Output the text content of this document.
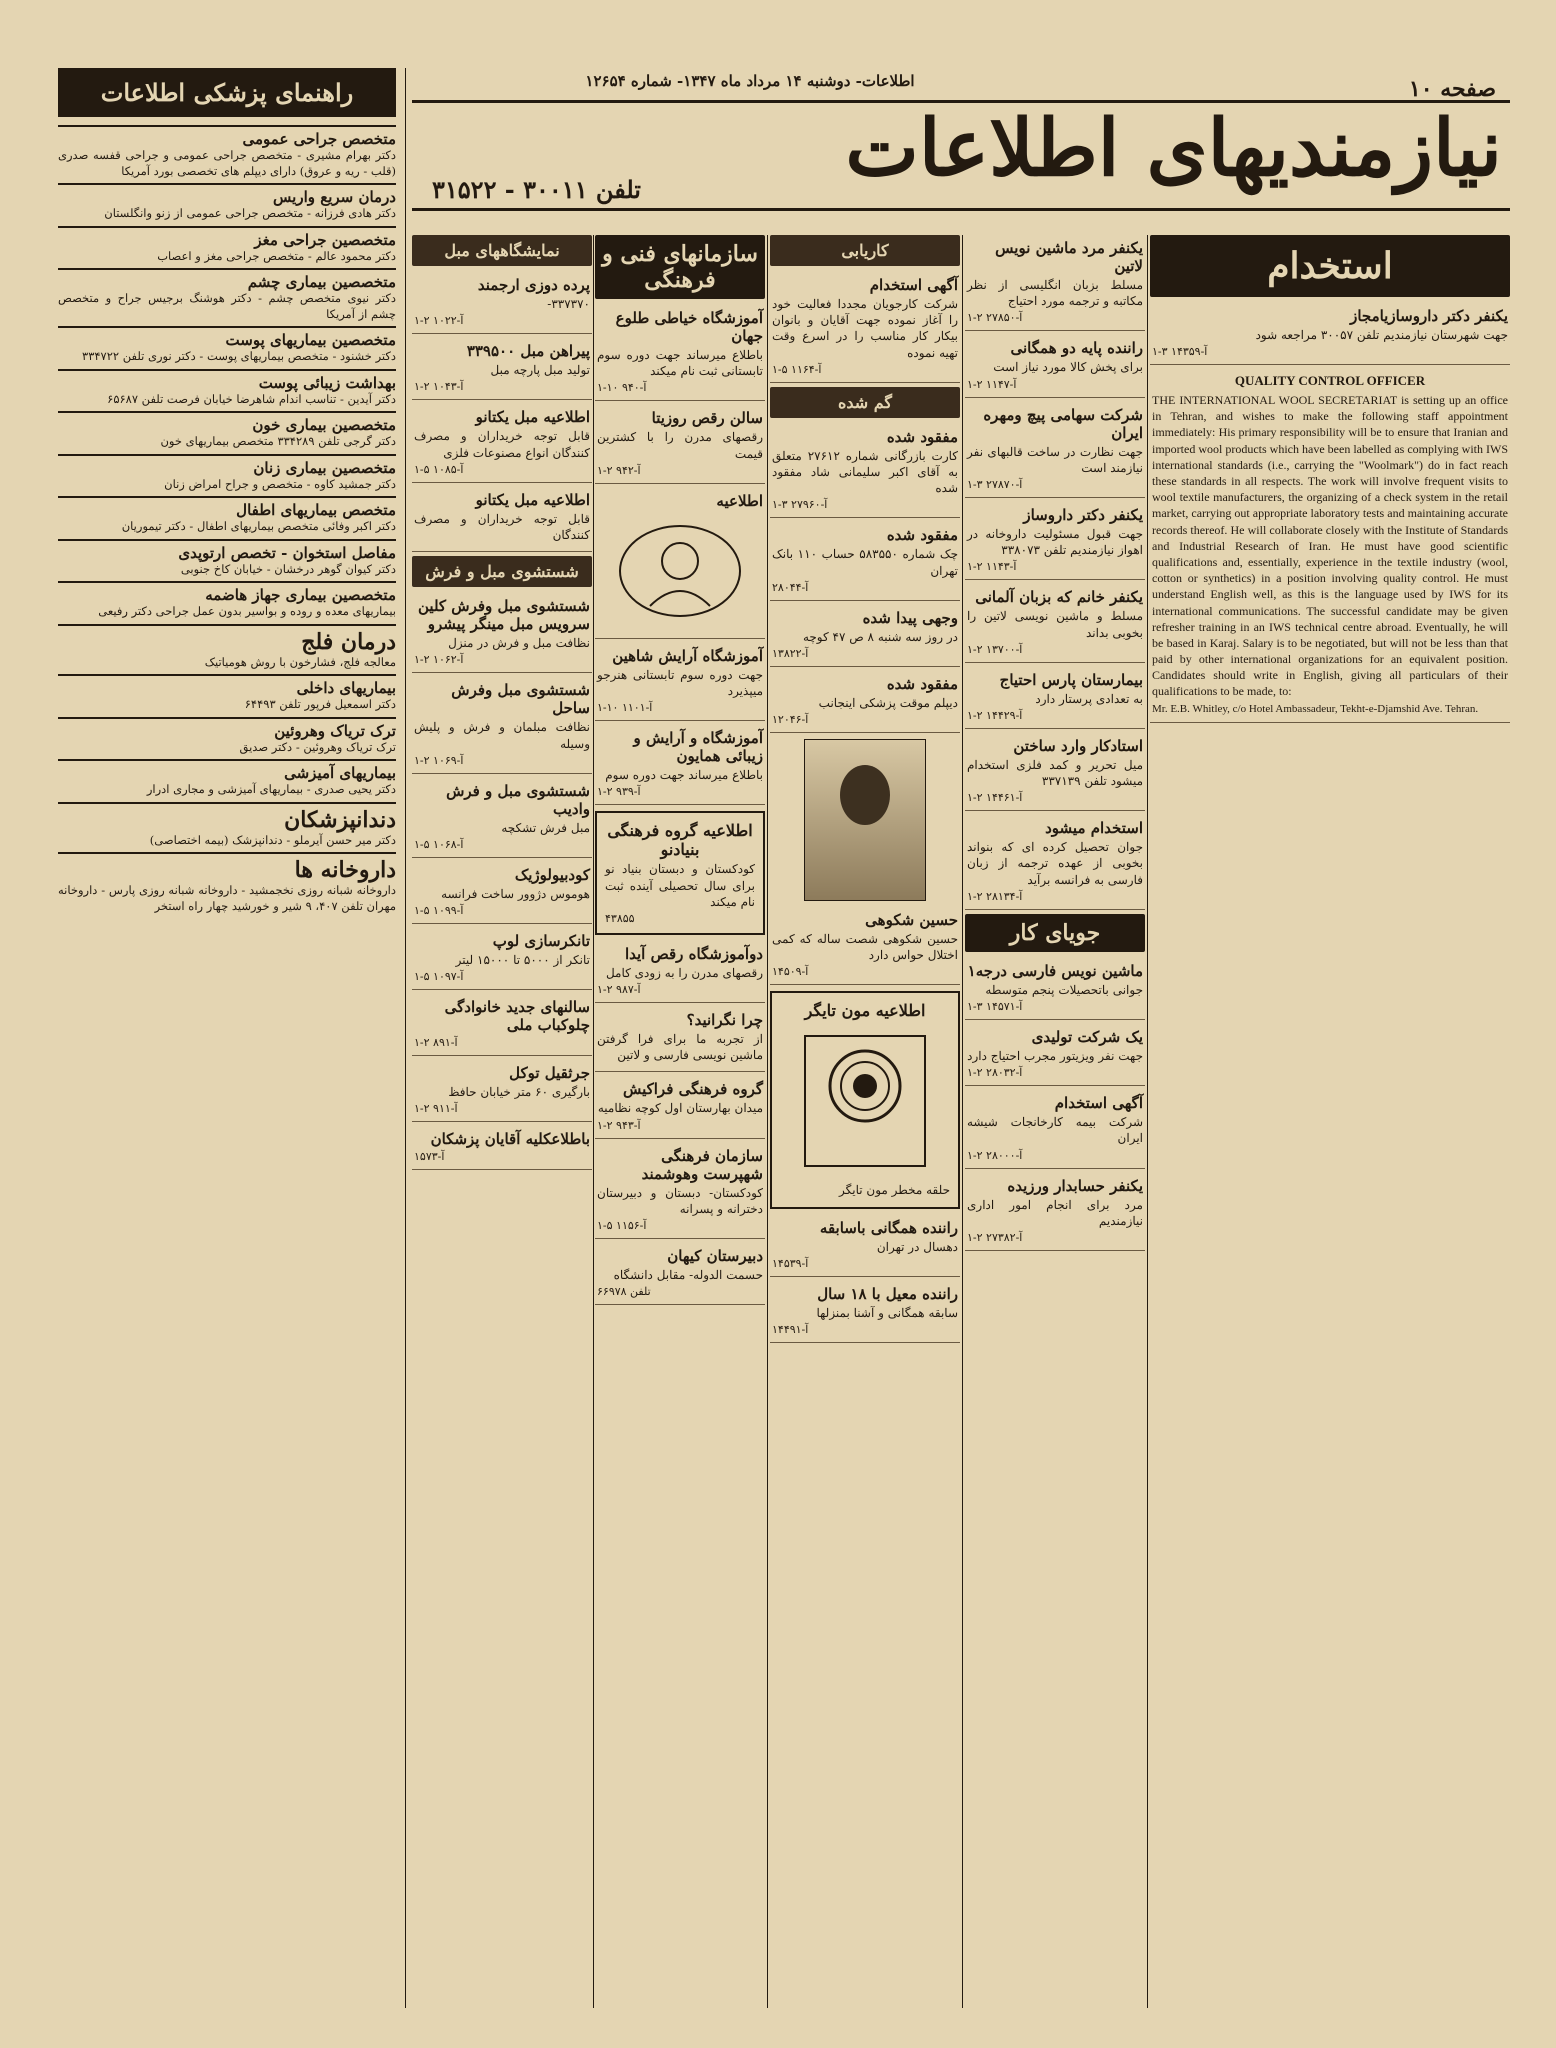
صفحه ۱۰
اطلاعات- دوشنبه ۱۴ مرداد ماه ۱۳۴۷- شماره ۱۲۶۵۴
نیازمندیهای اطلاعات
تلفن ۳۰۰۱۱ - ۳۱۵۲۲
استخدام
یکنفر دکتر داروسازیامجاز
جهت شهرستان نیازمندیم تلفن ۳۰۰۵۷ مراجعه شود
۱-۳ ۱۴۳۵۹-آ
QUALITY CONTROL OFFICER
THE INTERNATIONAL WOOL SECRETARIAT is setting up an office in Tehran, and wishes to make the following staff appointment immediately: His primary responsibility will be to ensure that Iranian and imported wool products which have been labelled as complying with IWS international standards (i.e., carrying the "Woolmark") do in fact reach these standards in all respects. The work will involve frequent visits to wool textile manufacturers, the organizing of a check system in the retail market, carrying out appropriate laboratory tests and maintaining accurate records thereof. He will collaborate closely with the Institute of Standards and Industrial Research of Iran. He must have good scientific qualifications and, essentially, experience in the textile industry (wool, cotton or synthetics) in a position involving quality control. He must understand English well, as this is the language used by IWS for its international communications. The successful candidate may be given refresher training in an IWS technical centre abroad. Eventually, he will be based in Karaj. Salary is to be negotiated, but will not be less than that paid by other international organizations for an equivalent position. Candidates should write in English, giving all particulars of their qualifications to be made, to:
Mr. E.B. Whitley, c/o Hotel Ambassadeur, Tekht-e-Djamshid Ave. Tehran.
یکنفر مرد ماشین نویس لاتین
مسلط بزبان انگلیسی از نظر مکاتبه و ترجمه مورد احتیاج
۱-۲ ۲۷۸۵۰-آ
راننده پایه دو همگانی
برای پخش کالا مورد نیاز است
۱-۲ ۱۱۴۷-آ
شرکت سهامی پیچ ومهره ایران
جهت نظارت در ساخت قالبهای نفر نیازمند است
۱-۳ ۲۷۸۷۰-آ
یکنفر دکتر داروساز
جهت قبول مسئولیت داروخانه در اهواز نیازمندیم تلفن ۳۳۸۰۷۳
۱-۲ ۱۱۴۳-آ
یکنفر خانم که بزبان آلمانی
مسلط و ماشین نویسی لاتین را بخوبی بداند
۱-۲ ۱۳۷۰۰-آ
بیمارستان پارس احتیاج
به تعدادی پرستار دارد
۱-۲ ۱۴۴۲۹-آ
استادکار وارد ساختن
میل تحریر و کمد فلزی استخدام میشود تلفن ۳۳۷۱۳۹
۱-۲ ۱۴۴۶۱-آ
استخدام میشود
جوان تحصیل کرده ای که بنواند بخوبی از عهده ترجمه از زبان فارسی به فرانسه برآید
۱-۲ ۲۸۱۳۴-آ
جویای کار
ماشین نویس فارسی درجه۱
جوانی باتحصیلات پنجم متوسطه
۱-۳ ۱۴۵۷۱-آ
یک شرکت تولیدی
جهت نفر ویزیتور مجرب احتیاج دارد
۱-۲ ۲۸۰۳۲-آ
آگهی استخدام
شرکت بیمه کارخانجات شیشه ایران
۱-۲ ۲۸۰۰۰-آ
یکنفر حسابدار ورزیده
مرد برای انجام امور اداری نیازمندیم
۱-۲ ۲۷۳۸۲-آ
کاریابی
آگهی استخدام
شرکت کارجویان مجددا فعالیت خود را آغاز نموده جهت آقایان و بانوان بیکار کار مناسب را در اسرع وقت تهیه نموده
۱-۵ ۱۱۶۴-آ
گم شده
مفقود شده
کارت بازرگانی شماره ۲۷۶۱۲ متعلق به آقای اکبر سلیمانی شاد مفقود شده
۱-۳ ۲۷۹۶۰-آ
مفقود شده
چک شماره ۵۸۳۵۵۰ حساب ۱۱۰ بانک تهران
۲۸۰۴۴-آ
وجهی پیدا شده
در روز سه شنبه ۸ ص ۴۷ کوچه
۱۳۸۲۲-آ
مفقود شده
دیپلم موقت پزشکی اینجانب
۱۲۰۴۶-آ
حسین شکوهی
حسین شکوهی شصت ساله که کمی اختلال حواس دارد
۱۴۵۰۹-آ
اطلاعیه مون تایگر
حلقه مخطر مون تایگر
راننده همگانی باسابقه
دهسال در تهران
۱۴۵۳۹-آ
راننده معیل با ۱۸ سال
سابقه همگانی و آشنا بمنزلها
۱۴۴۹۱-آ
سازمانهای فنی و فرهنگی
آموزشگاه خیاطی طلوع جهان
باطلاع میرساند جهت دوره سوم تابستانی ثبت نام میکند
۱-۱۰ ۹۴۰-آ
سالن رقص روزیتا
رقصهای مدرن را با کشترین قیمت
۱-۲ ۹۴۲-آ
اطلاعیه
آموزشگاه آرایش شاهین
جهت دوره سوم تابستانی هنرجو میپذیرد
۱-۱۰ ۱۱۰۱-آ
آموزشگاه و آرایش و زیبائی همایون
باطلاع میرساند جهت دوره سوم
۱-۲ ۹۳۹-آ
اطلاعیه گروه فرهنگی بنیادنو
کودکستان و دبستان بنیاد نو برای سال تحصیلی آینده ثبت نام میکند
۴۳۸۵۵
دوآموزشگاه رقص آیدا
رقصهای مدرن را به زودی کامل
۱-۲ ۹۸۷-آ
چرا نگرانید؟
از تجربه ما برای فرا گرفتن ماشین نویسی فارسی و لاتین
گروه فرهنگی فراکیش
میدان بهارستان اول کوچه نظامیه
۱-۲ ۹۴۳-آ
سازمان فرهنگی شهپرست وهوشمند
کودکستان- دبستان و دبیرستان دخترانه و پسرانه
۱-۵ ۱۱۵۶-آ
دبیرستان کیهان
حسمت الدوله- مقابل دانشگاه
تلفن ۶۶۹۷۸
نمایشگاههای مبل
پرده دوزی ارجمند
۳۳۷۳۷۰-
۱-۲ ۱۰۲۲-آ
پیراهن مبل ۳۳۹۵۰۰
تولید مبل پارچه مبل
۱-۲ ۱۰۴۳-آ
اطلاعیه مبل یکتانو
قابل توجه خریداران و مصرف کنندگان انواع مصنوعات فلزی
۱-۵ ۱۰۸۵-آ
اطلاعیه مبل یکتانو
قابل توجه خریداران و مصرف کنندگان
شستشوی مبل و فرش
شستشوی مبل وفرش کلین سرویس مبل مینگر پیشرو
نظافت مبل و فرش در منزل
۱-۲ ۱۰۶۲-آ
شستشوی مبل وفرش ساحل
نظافت مبلمان و فرش و پلیش وسیله
۱-۲ ۱۰۶۹-آ
شستشوی مبل و فرش وادیب
مبل فرش تشکچه
۱-۵ ۱۰۶۸-آ
کودبیولوژیک
هوموس دژوور ساخت فرانسه
۱-۵ ۱۰۹۹-آ
تانکرسازی لوپ
تانکر از ۵۰۰۰ تا ۱۵۰۰۰ لیتر
۱-۵ ۱۰۹۷-آ
سالنهای جدید خانوادگی چلوکباب ملی
۱-۲ ۸۹۱-آ
جرثقیل توکل
بارگیری ۶۰ متر خیابان حافظ
۱-۲ ۹۱۱-آ
باطلاعکلیه آقایان پزشکان
۱۵۷۳-آ
راهنمای پزشکی اطلاعات
متخصص جراحی عمومی
دکتر بهرام مشیری - متخصص جراحی عمومی و جراحی قفسه صدری (قلب - ریه و عروق) دارای دیپلم های تخصصی بورد آمریکا
درمان سریع واریس
دکتر هادی فرزانه - متخصص جراحی عمومی از زنو وانگلستان
متخصصین جراحی مغز
دکتر محمود عالم - متخصص جراحی مغز و اعصاب
متخصصین بیماری چشم
دکتر نیوی متخصص چشم - دکتر هوشنگ برجیس جراح و متخصص چشم از آمریکا
متخصصین بیماریهای پوست
دکتر خشنود - متخصص بیماریهای پوست - دکتر نوری تلفن ۳۳۴۷۲۲
بهداشت زیبائی پوست
دکتر آیدین - تناسب اندام شاهرضا خیابان فرصت تلفن ۶۵۶۸۷
متخصصین بیماری خون
دکتر گرجی تلفن ۳۳۴۲۸۹ متخصص بیماریهای خون
متخصصین بیماری زنان
دکتر جمشید کاوه - متخصص و جراح امراض زنان
متخصص بیماریهای اطفال
دکتر اکبر وفائی متخصص بیماریهای اطفال - دکتر تیموریان
مفاصل استخوان - تخصص ارتوپدی
دکتر کیوان گوهر درخشان - خیابان کاخ جنوبی
متخصصین بیماری جهاز هاضمه
بیماریهای معده و روده و بواسیر بدون عمل جراحی دکتر رفیعی
درمان فلج
معالجه فلج، فشارخون با روش هومیاتیک
بیماریهای داخلی
دکتر اسمعیل فرپور تلفن ۶۴۴۹۳
ترک تریاک وهروئین
ترک تریاک وهروئین - دکتر صدیق
بیماریهای آمیزشی
دکتر یحیی صدری - بیماریهای آمیزشی و مجاری ادرار
دندانپزشکان
دکتر میر حسن آیرملو - دندانپزشک (بیمه اختصاصی)
داروخانه ها
داروخانه شبانه روزی نخجمشید - داروخانه شبانه روزی پارس - داروخانه مهران تلفن ۴۰۷، ۹ شیر و خورشید چهار راه استخر
